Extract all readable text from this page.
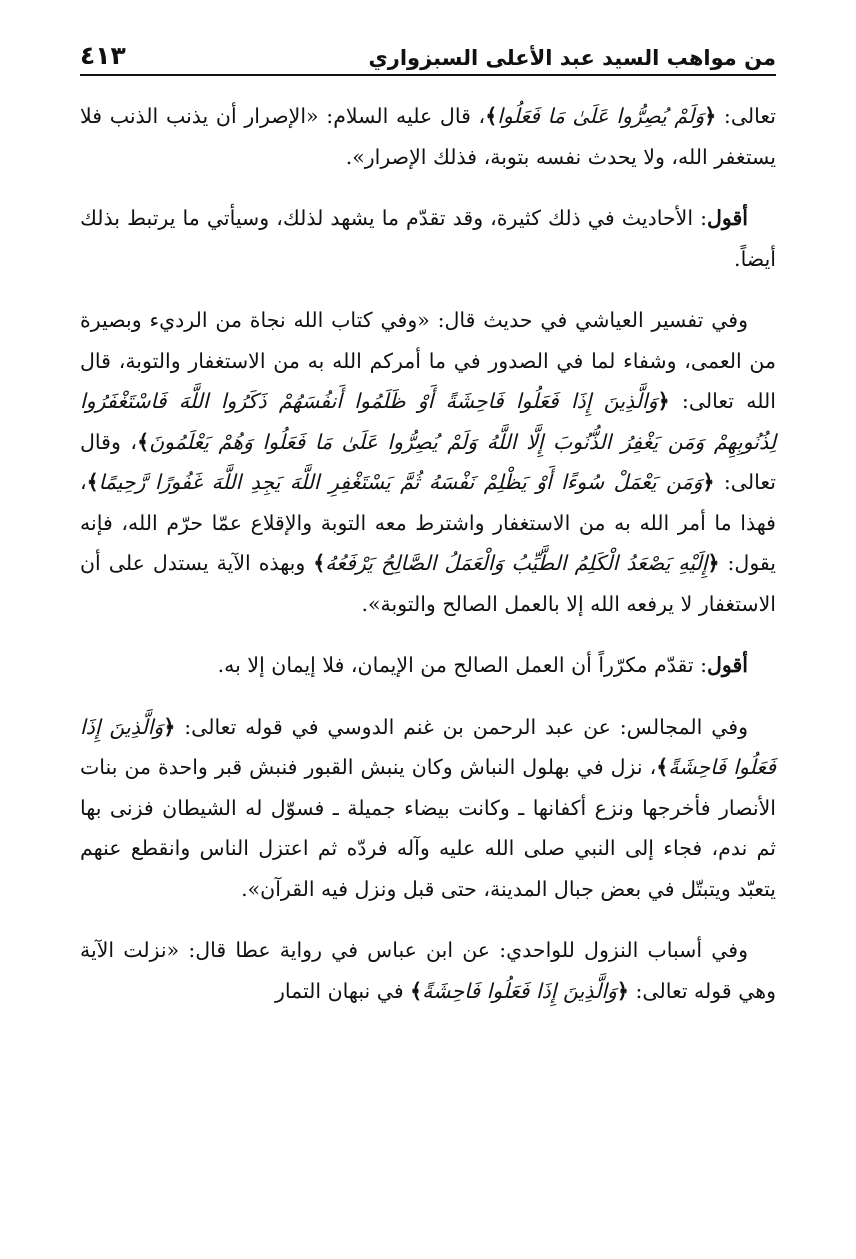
من مواهب السيد عبد الأعلى السبزواري
٤١٣

تعالى: ﴿وَلَمْ يُصِرُّوا عَلَىٰ مَا فَعَلُوا﴾، قال عليه السلام: «الإصرار أن يذنب الذنب فلا يستغفر الله، ولا يحدث نفسه بتوبة، فذلك الإصرار».

أقول: الأحاديث في ذلك كثيرة، وقد تقدّم ما يشهد لذلك، وسيأتي ما يرتبط بذلك أيضاً.

وفي تفسير العياشي في حديث قال: «وفي كتاب الله نجاة من الرديء وبصيرة من العمى، وشفاء لما في الصدور في ما أمركم الله به من الاستغفار والتوبة، قال الله تعالى: ﴿وَالَّذِينَ إِذَا فَعَلُوا فَاحِشَةً أَوْ ظَلَمُوا أَنفُسَهُمْ ذَكَرُوا اللَّهَ فَاسْتَغْفَرُوا لِذُنُوبِهِمْ وَمَن يَغْفِرُ الذُّنُوبَ إِلَّا اللَّهُ وَلَمْ يُصِرُّوا عَلَىٰ مَا فَعَلُوا وَهُمْ يَعْلَمُونَ﴾، وقال تعالى: ﴿وَمَن يَعْمَلْ سُوءًا أَوْ يَظْلِمْ نَفْسَهُ ثُمَّ يَسْتَغْفِرِ اللَّهَ يَجِدِ اللَّهَ غَفُورًا رَّحِيمًا﴾، فهذا ما أمر الله به من الاستغفار واشترط معه التوبة والإقلاع عمّا حرّم الله، فإنه يقول: ﴿إِلَيْهِ يَصْعَدُ الْكَلِمُ الطَّيِّبُ وَالْعَمَلُ الصَّالِحُ يَرْفَعُهُ﴾ وبهذه الآية يستدل على أن الاستغفار لا يرفعه الله إلا بالعمل الصالح والتوبة».

أقول: تقدّم مكرّراً أن العمل الصالح من الإيمان، فلا إيمان إلا به.

وفي المجالس: عن عبد الرحمن بن غنم الدوسي في قوله تعالى: ﴿وَالَّذِينَ إِذَا فَعَلُوا فَاحِشَةً﴾، نزل في بهلول النباش وكان ينبش القبور فنبش قبر واحدة من بنات الأنصار فأخرجها ونزع أكفانها ـ وكانت بيضاء جميلة ـ فسوّل له الشيطان فزنى بها ثم ندم، فجاء إلى النبي صلى الله عليه وآله فردّه ثم اعتزل الناس وانقطع عنهم يتعبّد ويتبتّل في بعض جبال المدينة، حتى قبل ونزل فيه القرآن».

وفي أسباب النزول للواحدي: عن ابن عباس في رواية عطا قال: «نزلت الآية وهي قوله تعالى: ﴿وَالَّذِينَ إِذَا فَعَلُوا فَاحِشَةً﴾ في نبهان التمار
